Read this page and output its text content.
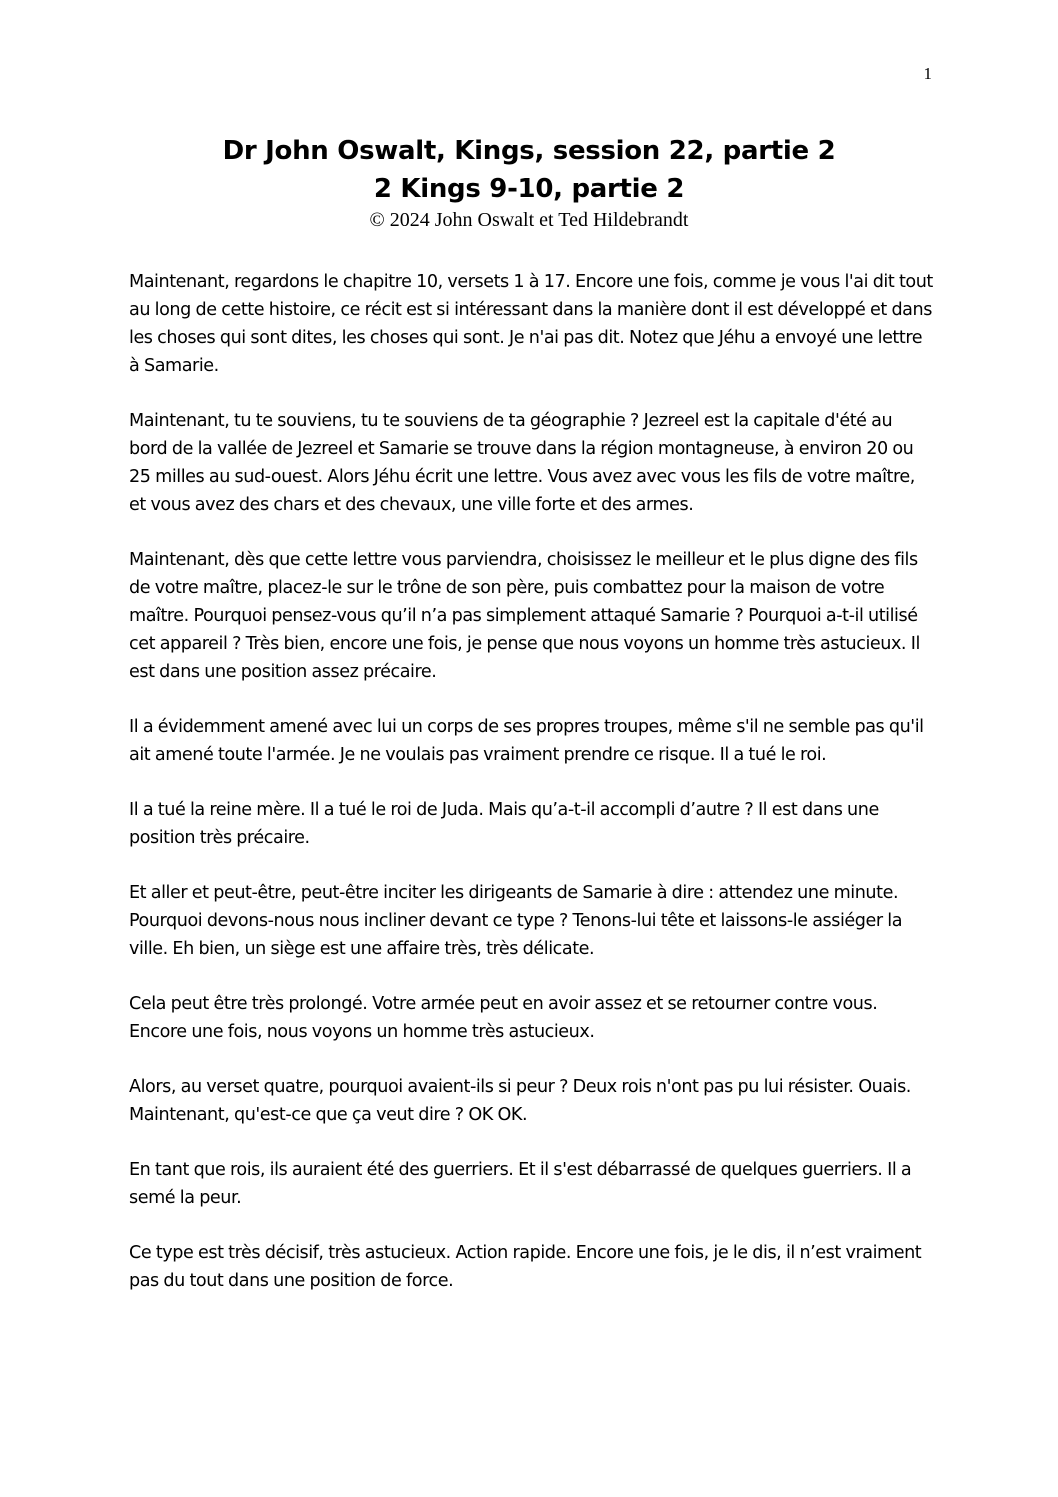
1
Dr John Oswalt, Kings, session 22, partie 2
2 Kings 9-10, partie 2

© 2024 John Oswalt et Ted Hildebrandt

Maintenant, regardons le chapitre 10, versets 1 à 17. Encore une fois, comme je vous l'ai dit tout au long de cette histoire, ce récit est si intéressant dans la manière dont il est développé et dans les choses qui sont dites, les choses qui sont. Je n'ai pas dit. Notez que Jéhu a envoyé une lettre à Samarie.

Maintenant, tu te souviens, tu te souviens de ta géographie ? Jezreel est la capitale d'été au bord de la vallée de Jezreel et Samarie se trouve dans la région montagneuse, à environ 20 ou 25 milles au sud-ouest. Alors Jéhu écrit une lettre. Vous avez avec vous les fils de votre maître, et vous avez des chars et des chevaux, une ville forte et des armes.

Maintenant, dès que cette lettre vous parviendra, choisissez le meilleur et le plus digne des fils de votre maître, placez-le sur le trône de son père, puis combattez pour la maison de votre maître. Pourquoi pensez-vous qu’il n’a pas simplement attaqué Samarie ? Pourquoi a-t-il utilisé cet appareil ? Très bien, encore une fois, je pense que nous voyons un homme très astucieux. Il est dans une position assez précaire.

Il a évidemment amené avec lui un corps de ses propres troupes, même s'il ne semble pas qu'il ait amené toute l'armée. Je ne voulais pas vraiment prendre ce risque. Il a tué le roi.

Il a tué la reine mère. Il a tué le roi de Juda. Mais qu’a-t-il accompli d’autre ? Il est dans une position très précaire.

Et aller et peut-être, peut-être inciter les dirigeants de Samarie à dire : attendez une minute. Pourquoi devons-nous nous incliner devant ce type ? Tenons-lui tête et laissons-le assiéger la ville. Eh bien, un siège est une affaire très, très délicate.

Cela peut être très prolongé. Votre armée peut en avoir assez et se retourner contre vous. Encore une fois, nous voyons un homme très astucieux.

Alors, au verset quatre, pourquoi avaient-ils si peur ? Deux rois n'ont pas pu lui résister. Ouais. Maintenant, qu'est-ce que ça veut dire ? OK OK.

En tant que rois, ils auraient été des guerriers. Et il s'est débarrassé de quelques guerriers. Il a semé la peur.

Ce type est très décisif, très astucieux. Action rapide. Encore une fois, je le dis, il n’est vraiment pas du tout dans une position de force.
